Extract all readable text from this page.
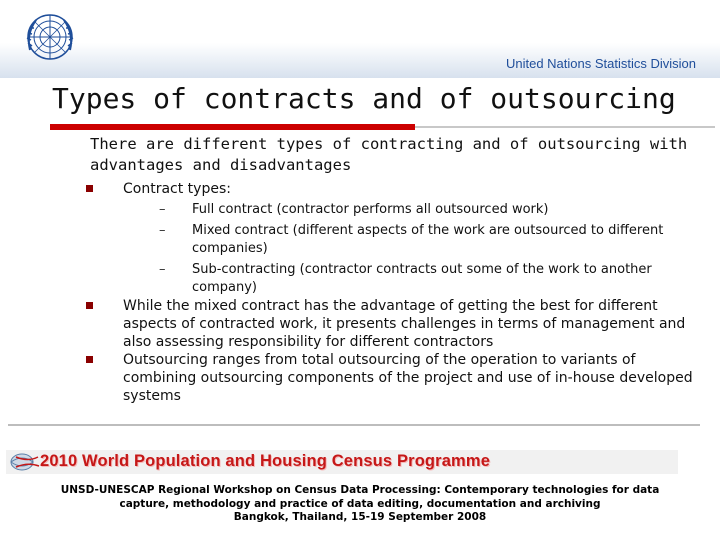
United Nations Statistics Division
Types of contracts and of outsourcing

There are different types of contracting and of outsourcing with advantages and disadvantages

Contract types:
– Full contract (contractor performs all outsourced work)
– Mixed contract (different aspects of the work are outsourced to different companies)
– Sub-contracting (contractor contracts out some of the work to another company)
While the mixed contract has the advantage of getting the best for different aspects of contracted work, it presents challenges in terms of management and also assessing responsibility for different contractors
Outsourcing ranges from total outsourcing of the operation to variants of combining outsourcing components of the project and use of in-house developed systems
2010 World Population and Housing Census Programme
UNSD-UNESCAP Regional Workshop on Census Data Processing: Contemporary technologies for data
capture, methodology and practice of data editing, documentation and archiving
Bangkok, Thailand, 15-19 September 2008
